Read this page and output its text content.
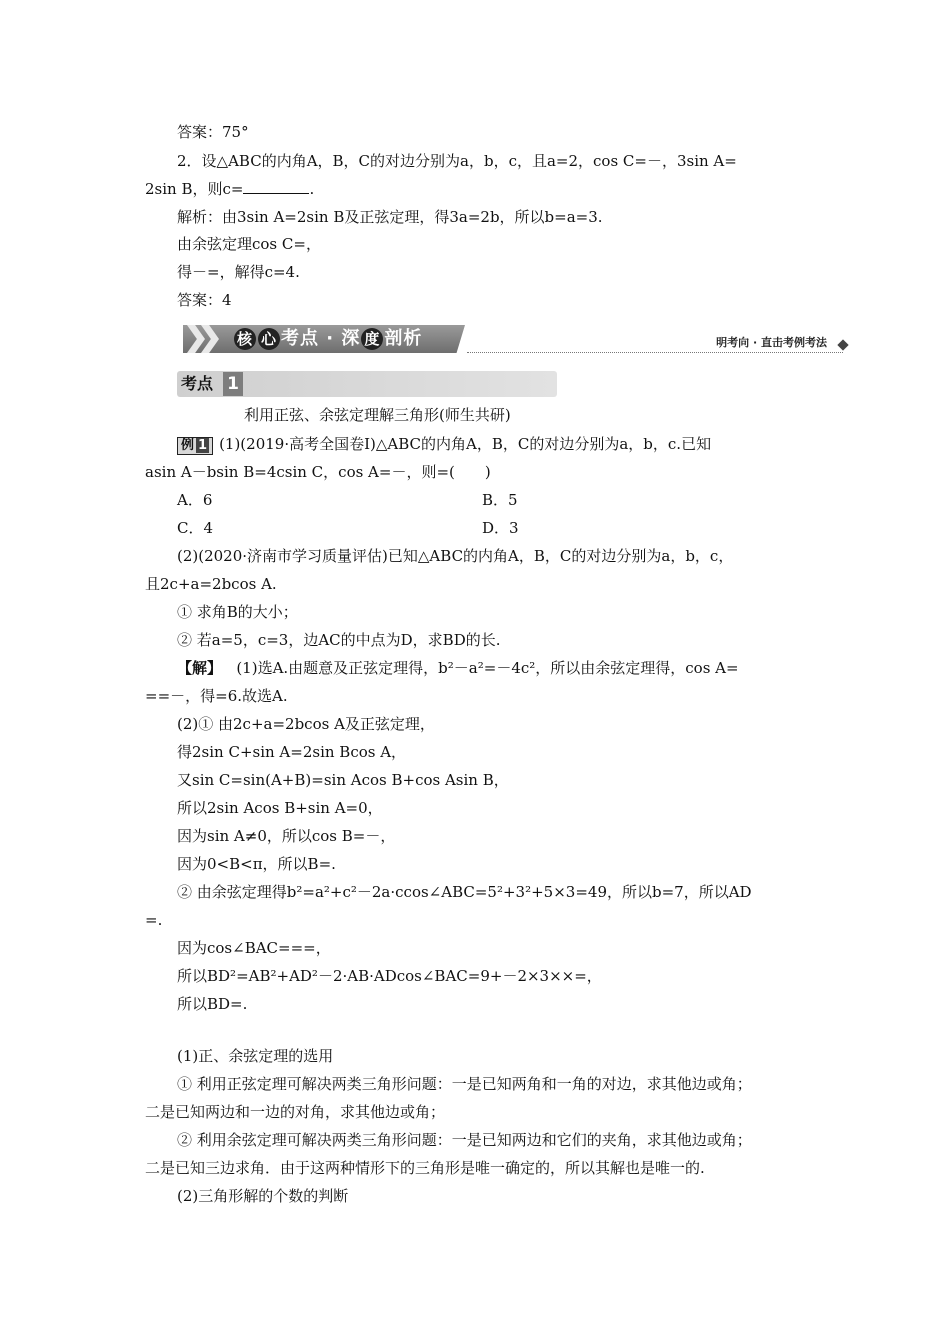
答案：75°
2．设△ABC的内角A，B，C的对边分别为a，b，c，且a=2，cos C=－，3sin A=
2sin B，则c=	.
解析：由3sin A=2sin B及正弦定理，得3a=2b，所以b=a=3.
由余弦定理cos C=，
得－=，解得c=4.
答案：4
核 心 考点 · 深 度 剖析	明考向 · 直击考例考法
考点 1
利用正弦、余弦定理解三角形(师生共研)
例 1 (1)(2019·高考全国卷Ⅰ)△ABC的内角A，B，C的对边分别为a，b，c.已知
asin A－bsin B=4csin C，cos A=－，则=(　　)
A．6	B．5
C．4	D．3
(2)(2020·济南市学习质量评估)已知△ABC的内角A，B，C的对边分别为a，b，c，
且2c+a=2bcos A.
① 求角B的大小；
② 若a=5，c=3，边AC的中点为D，求BD的长.
【解】 (1)选A.由题意及正弦定理得，b²－a²=－4c²，所以由余弦定理得，cos A=
==－，得=6.故选A.
(2)① 由2c+a=2bcos A及正弦定理，
得2sin C+sin A=2sin Bcos A，
又sin C=sin(A+B)=sin Acos B+cos Asin B，
所以2sin Acos B+sin A=0，
因为sin A≠0，所以cos B=－，
因为0<B<π，所以B=.
② 由余弦定理得b²=a²+c²－2a·ccos∠ABC=5²+3²+5×3=49，所以b=7，所以AD
=.
因为cos∠BAC===，
所以BD²=AB²+AD²－2·AB·ADcos∠BAC=9+－2×3××=，
所以BD=.
(1)正、余弦定理的选用
① 利用正弦定理可解决两类三角形问题：一是已知两角和一角的对边，求其他边或角；
二是已知两边和一边的对角，求其他边或角；
② 利用余弦定理可解决两类三角形问题：一是已知两边和它们的夹角，求其他边或角；
二是已知三边求角．由于这两种情形下的三角形是唯一确定的，所以其解也是唯一的.
(2)三角形解的个数的判断
